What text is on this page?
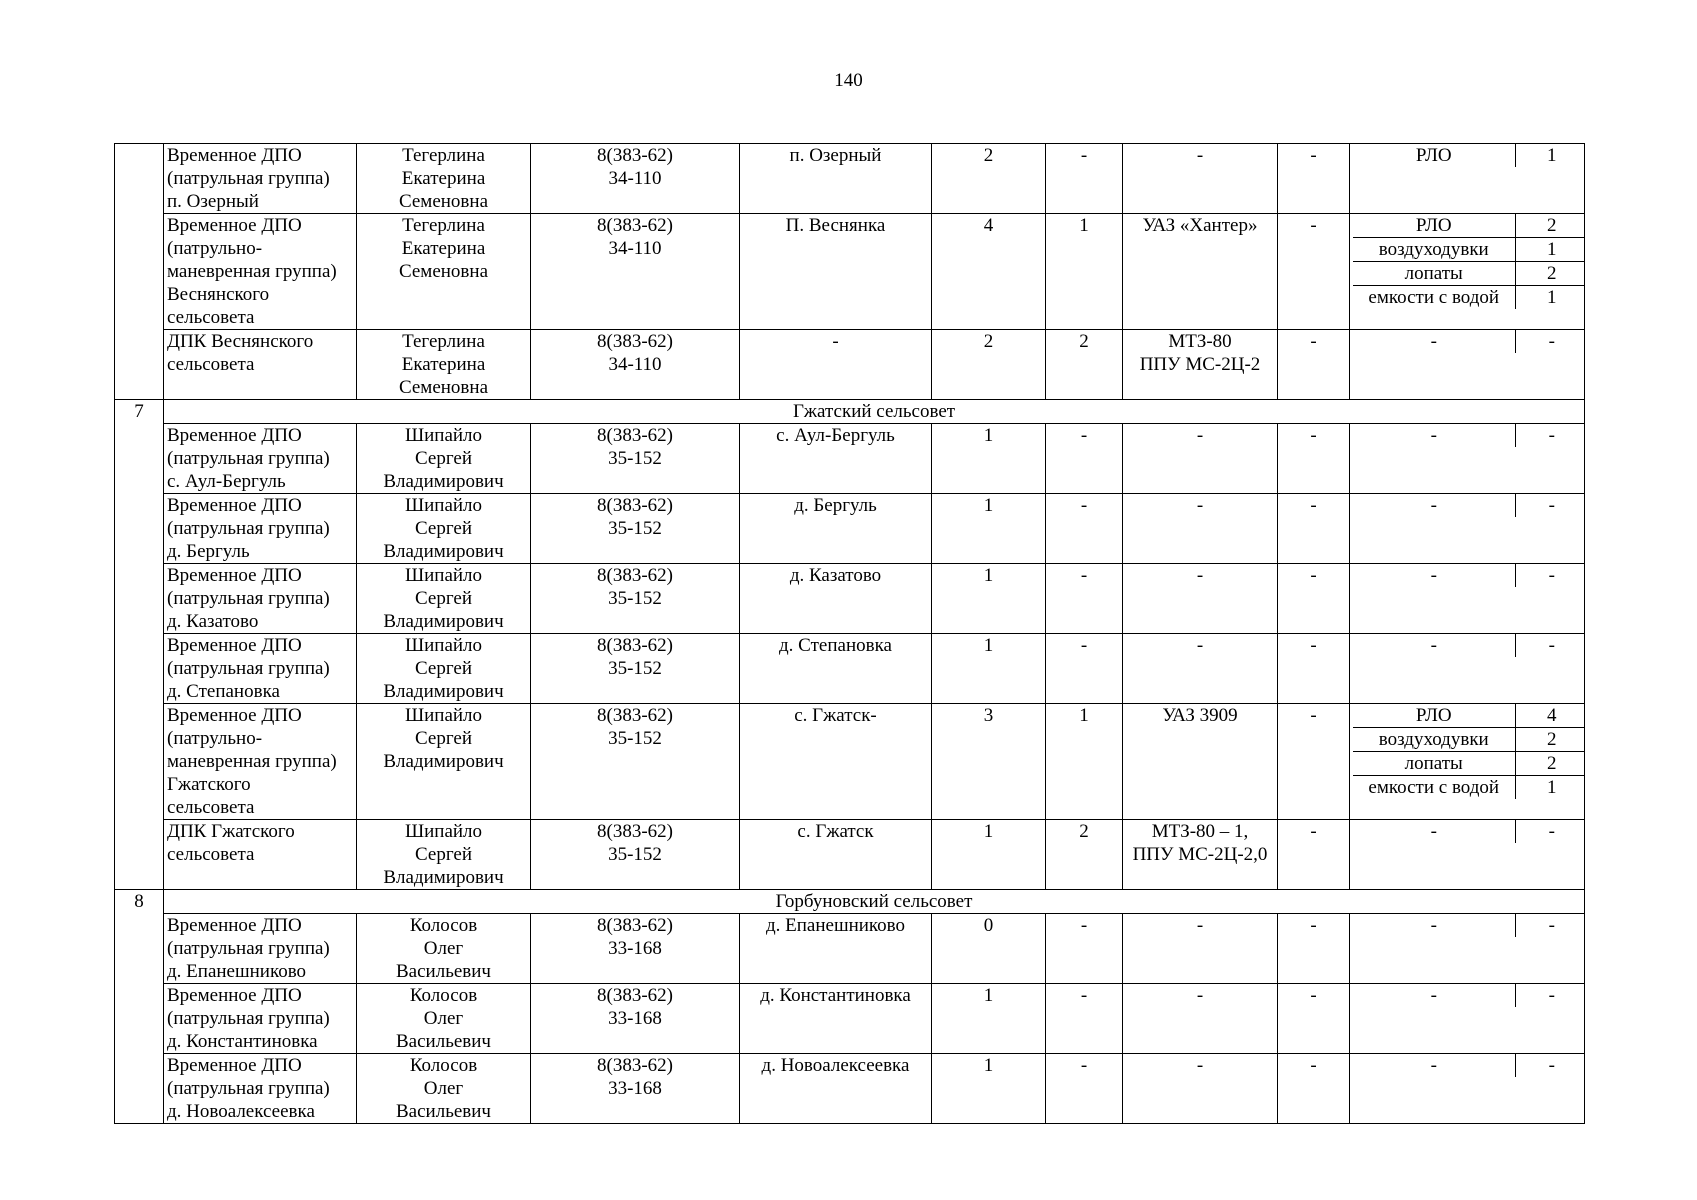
140
	Временное ДПО
(патрульная группа)
п. Озерный	Тегерлина
Екатерина
Семеновна	8(383-62)
34-110	п. Озерный	2	-	-	-		РЛО	1

Временное ДПО
(патрульно-
маневренная группа)
Веснянского
сельсовета	Тегерлина
Екатерина
Семеновна	8(383-62)
34-110	П. Веснянка	4	1	УАЗ «Хантер»	-		РЛО	2
воздуходувки	1
лопаты	2
емкости с водой	1

ДПК Веснянского
сельсовета	Тегерлина
Екатерина
Семеновна	8(383-62)
34-110	-	2	2	МТЗ-80
ППУ МС-2Ц-2	-		-	-

7	Гжатский сельсовет
Временное ДПО
(патрульная группа)
с. Аул-Бергуль	Шипайло
Сергей
Владимирович	8(383-62)
35-152	с. Аул-Бергуль	1	-	-	-		-	-

Временное ДПО
(патрульная группа)
д. Бергуль	Шипайло
Сергей
Владимирович	8(383-62)
35-152	д. Бергуль	1	-	-	-		-	-

Временное ДПО
(патрульная группа)
д. Казатово	Шипайло
Сергей
Владимирович	8(383-62)
35-152	д. Казатово	1	-	-	-		-	-

Временное ДПО
(патрульная группа)
д. Степановка	Шипайло
Сергей
Владимирович	8(383-62)
35-152	д. Степановка	1	-	-	-		-	-

Временное ДПО
(патрульно-
маневренная группа)
Гжатского
сельсовета	Шипайло
Сергей
Владимирович	8(383-62)
35-152	с. Гжатск-	3	1	УАЗ 3909	-		РЛО	4
воздуходувки	2
лопаты	2
емкости с водой	1

ДПК Гжатского
сельсовета	Шипайло
Сергей
Владимирович	8(383-62)
35-152	с. Гжатск	1	2	МТЗ-80 – 1,
ППУ МС-2Ц-2,0	-		-	-

8	Горбуновский сельсовет
Временное ДПО
(патрульная группа)
д. Епанешниково	Колосов
Олег
Васильевич	8(383-62)
33-168	д. Епанешниково	0	-	-	-		-	-

Временное ДПО
(патрульная группа)
д. Константиновка	Колосов
Олег
Васильевич	8(383-62)
33-168	д. Константиновка	1	-	-	-		-	-

Временное ДПО
(патрульная группа)
д. Новоалексеевка	Колосов
Олег
Васильевич	8(383-62)
33-168	д. Новоалексеевка	1	-	-	-		-	-
